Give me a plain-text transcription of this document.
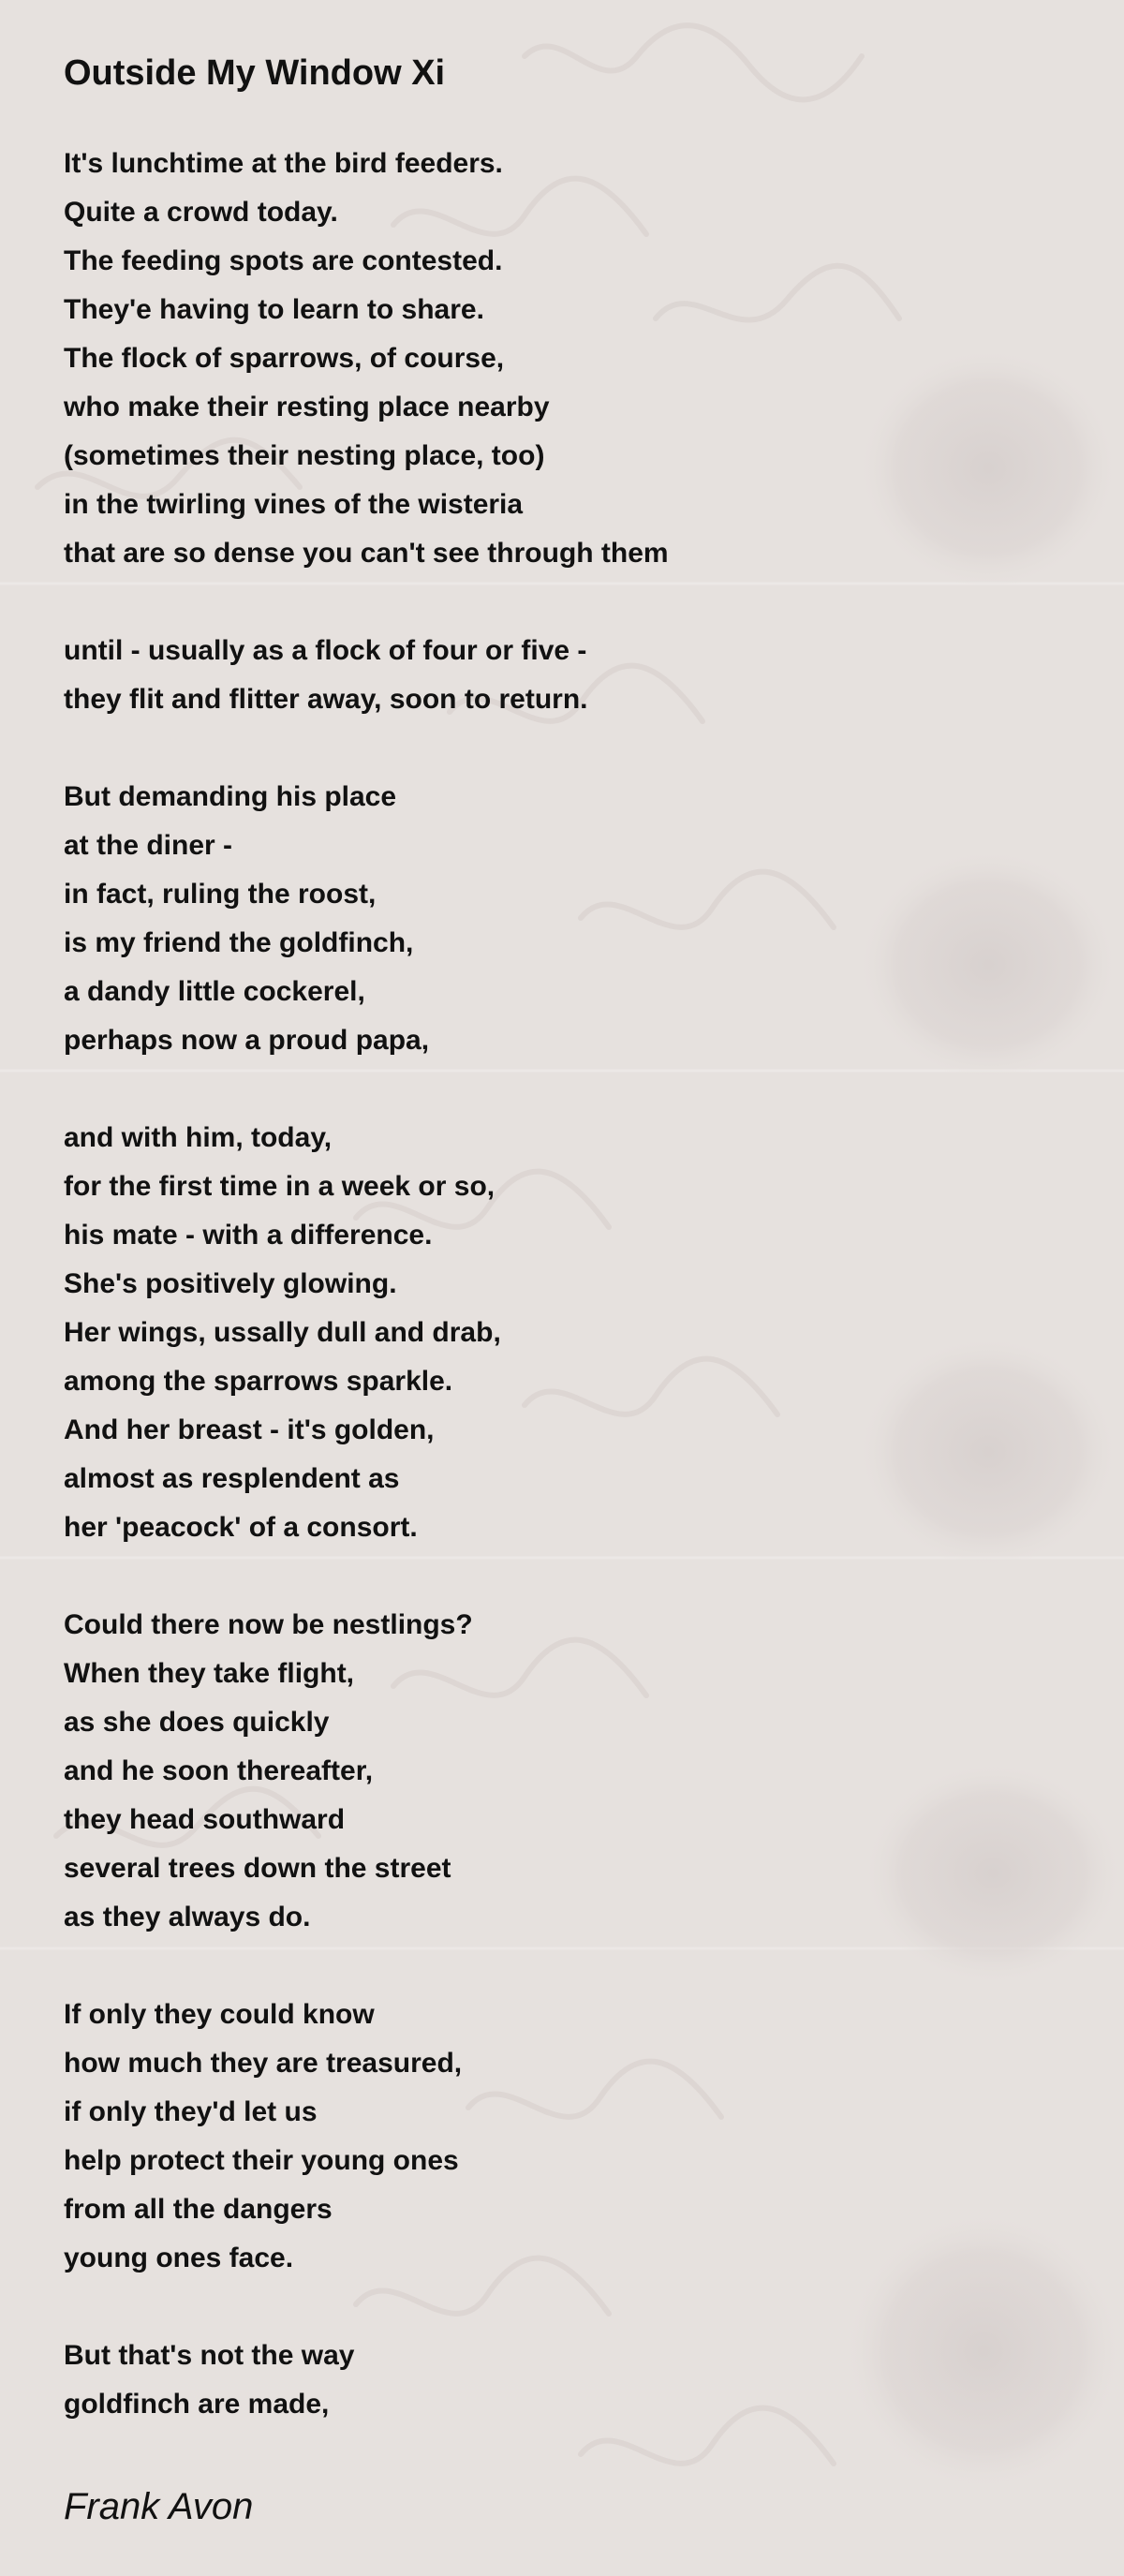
Outside My Window Xi
It's lunchtime at the bird feeders.
Quite a crowd today.
The feeding spots are contested.
They'e having to learn to share.
The flock of sparrows, of course,
who make their resting place nearby
(sometimes their nesting place, too)
in the twirling vines of the wisteria
that are so dense you can't see through them
until - usually as a flock of four or five -
they flit and flitter away, soon to return.
But demanding his place
at the diner -
in fact, ruling the roost,
is my friend the goldfinch,
a dandy little cockerel,
perhaps now a proud papa,
and with him, today,
for the first time in a week or so,
his mate - with a difference.
She's positively glowing.
Her wings, ussally dull and drab,
among the sparrows sparkle.
And her breast - it's golden,
almost as resplendent as
her 'peacock' of a consort.
Could there now be nestlings?
When they take flight,
as she does quickly
and he soon thereafter,
they head southward
several trees down the street
as they always do.
If only they could know
how much they are treasured,
if only they'd let us
help protect their young ones
from all the dangers
young ones face.
But that's not the way
goldfinch are made,

Frank Avon
